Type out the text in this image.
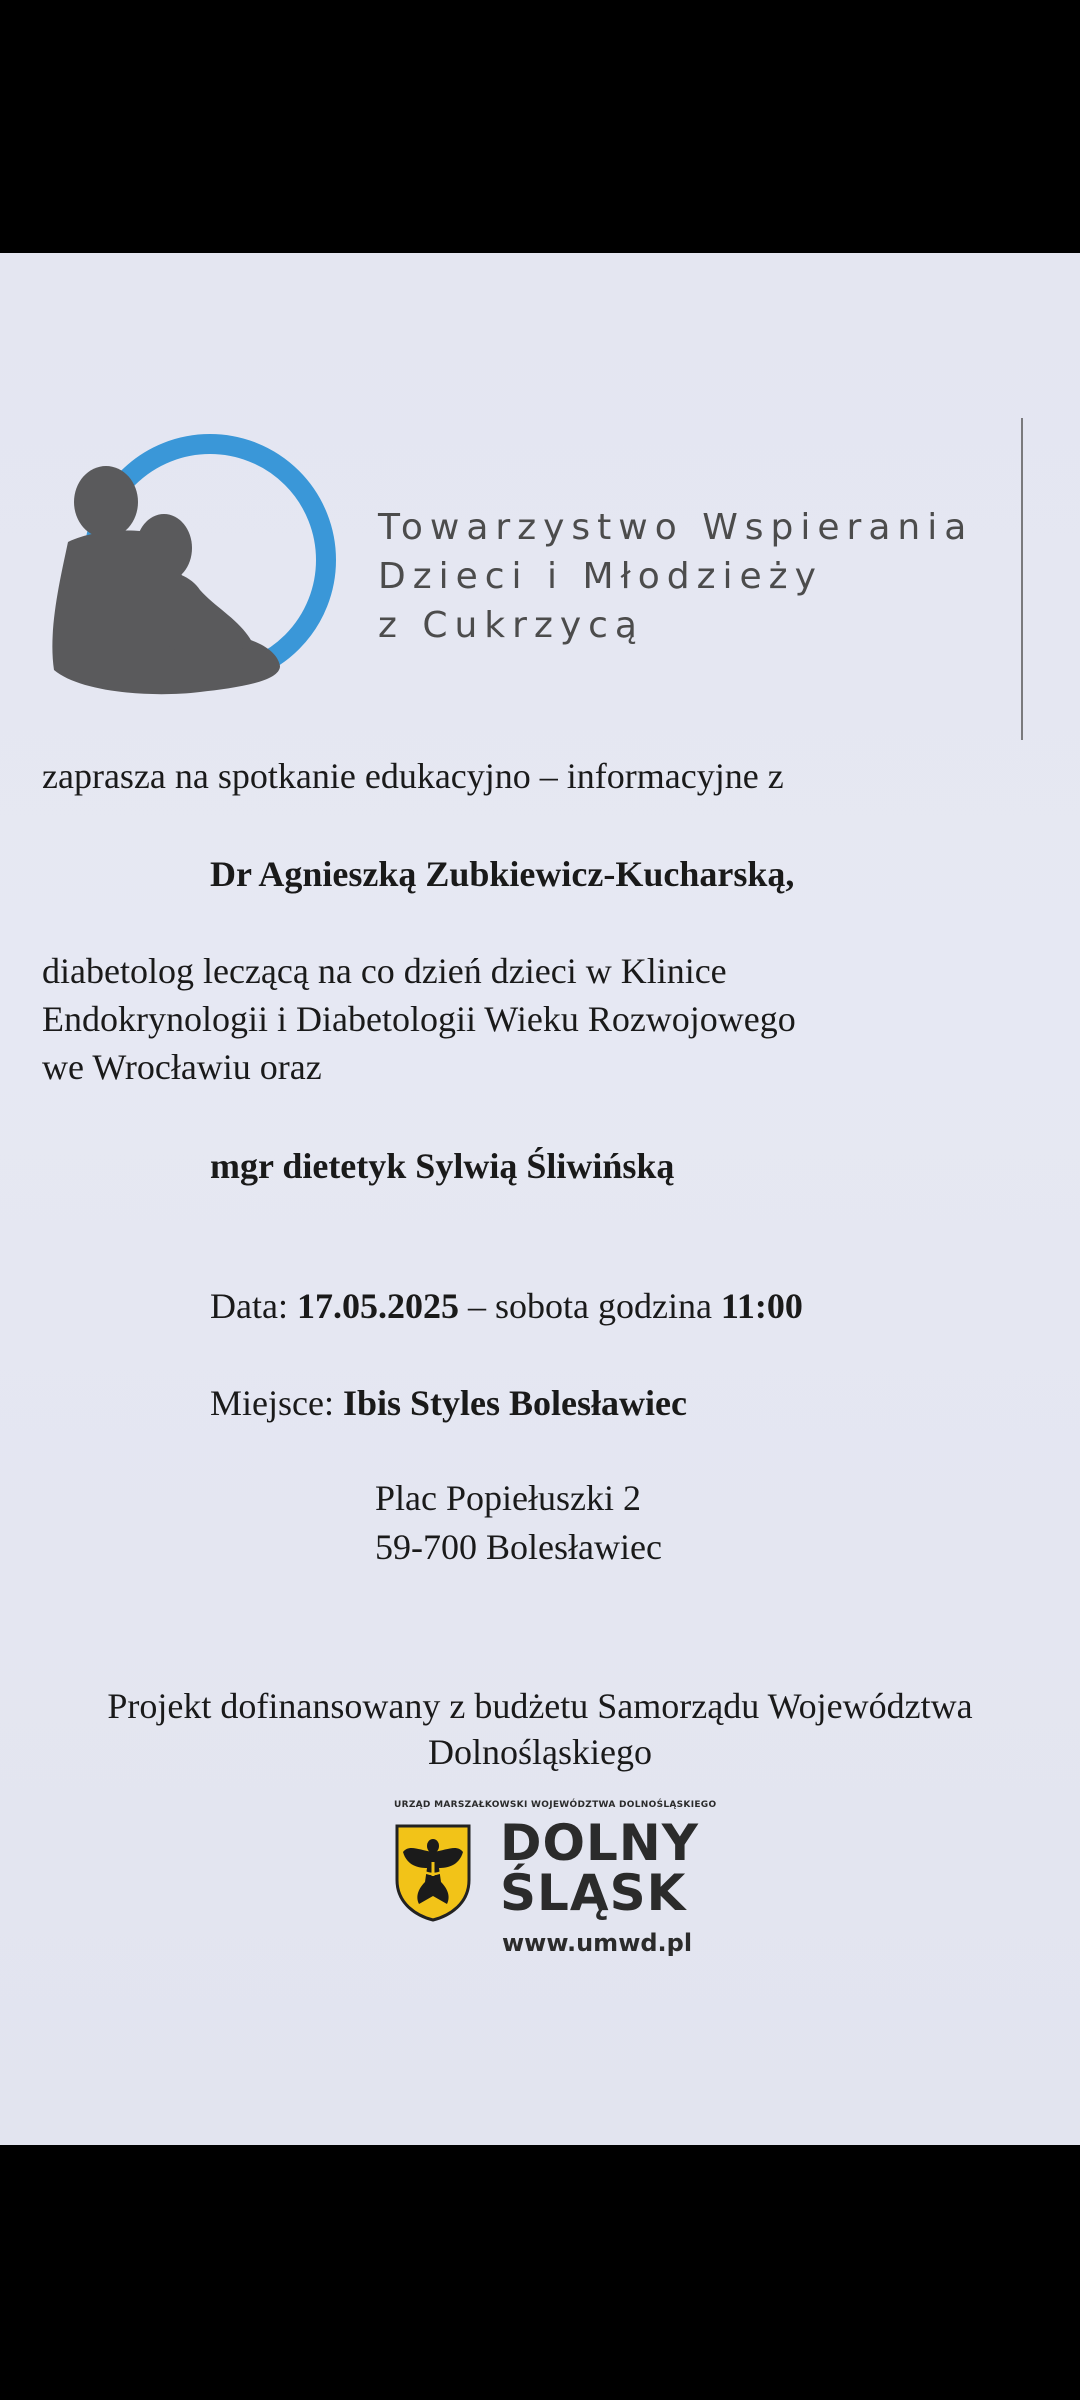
Towarzystwo Wspierania
Dzieci i Młodzieży
z Cukrzycą
zaprasza na spotkanie edukacyjno – informacyjne z
Dr Agnieszką Zubkiewicz-Kucharską,
diabetolog leczącą na co dzień dzieci w Klinice
Endokrynologii i Diabetologii Wieku Rozwojowego
we Wrocławiu oraz
mgr dietetyk Sylwią Śliwińską
Data: 17.05.2025 – sobota godzina 11:00
Miejsce: Ibis Styles Bolesławiec
Plac Popiełuszki 2
59-700 Bolesławiec
Projekt dofinansowany z budżetu Samorządu Województwa
Dolnośląskiego
URZĄD MARSZAŁKOWSKI WOJEWÓDZTWA DOLNOŚLĄSKIEGO
DOLNY
ŚLĄSK
www.umwd.pl
